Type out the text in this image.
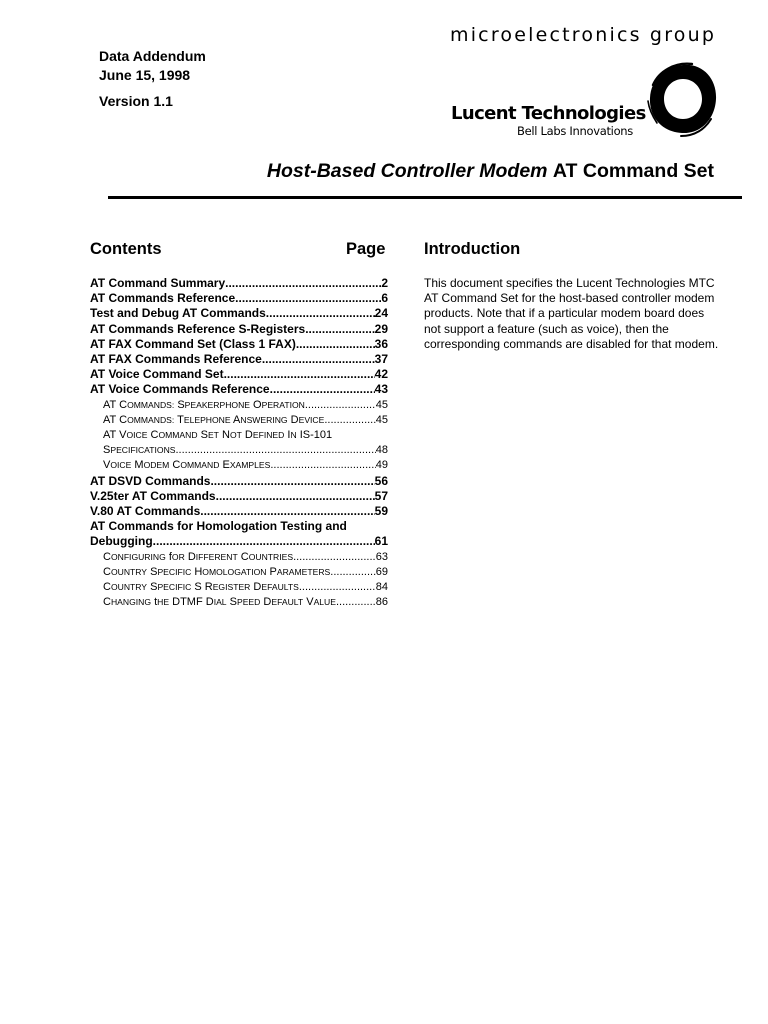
Data Addendum
June 15, 1998
Version 1.1
microelectronics group
Lucent Technologies
Bell Labs Innovations
Host-Based Controller Modem AT Command Set
Contents	Page Introduction
AT Command Summary .....	2
AT Commands Reference .....	6
Test and Debug AT Commands .....	24
AT Commands Reference S-Registers .....	29
AT FAX Command Set (Class 1 FAX) .....	36
AT FAX Commands Reference .....	37
AT Voice Command Set .....	42
AT Voice Commands Reference .....	43
AT COMMANDS: SPEAKERPHONE OPERATION .....	45
AT COMMANDS: TELEPHONE ANSWERING DEVICE .....	45
AT VOICE COMMAND SET NOT DEFINED IN IS-101
SPECIFICATIONS .....	48
VOICE MODEM COMMAND EXAMPLES .....	49
AT DSVD Commands .....	56
V.25ter AT Commands .....	57
V.80 AT Commands .....	59
AT Commands for Homologation Testing and
Debugging .....	61
CONFIGURING fOR DIFFERENT COUNTRIES .....	63
COUNTRY SPECIFIC HOMOLOGATION PARAMETERS .....	69
COUNTRY SPECIFIC S REGISTER DEFAULTS .....	84
CHANGING tHE DTMF DIAL SPEED DEFAULT VALUE .....	86
This document specifies the Lucent Technologies MTC AT Command Set for the host-based controller modem products. Note that if a particular modem board does not support a feature (such as voice), then the corresponding commands are disabled for that modem.
